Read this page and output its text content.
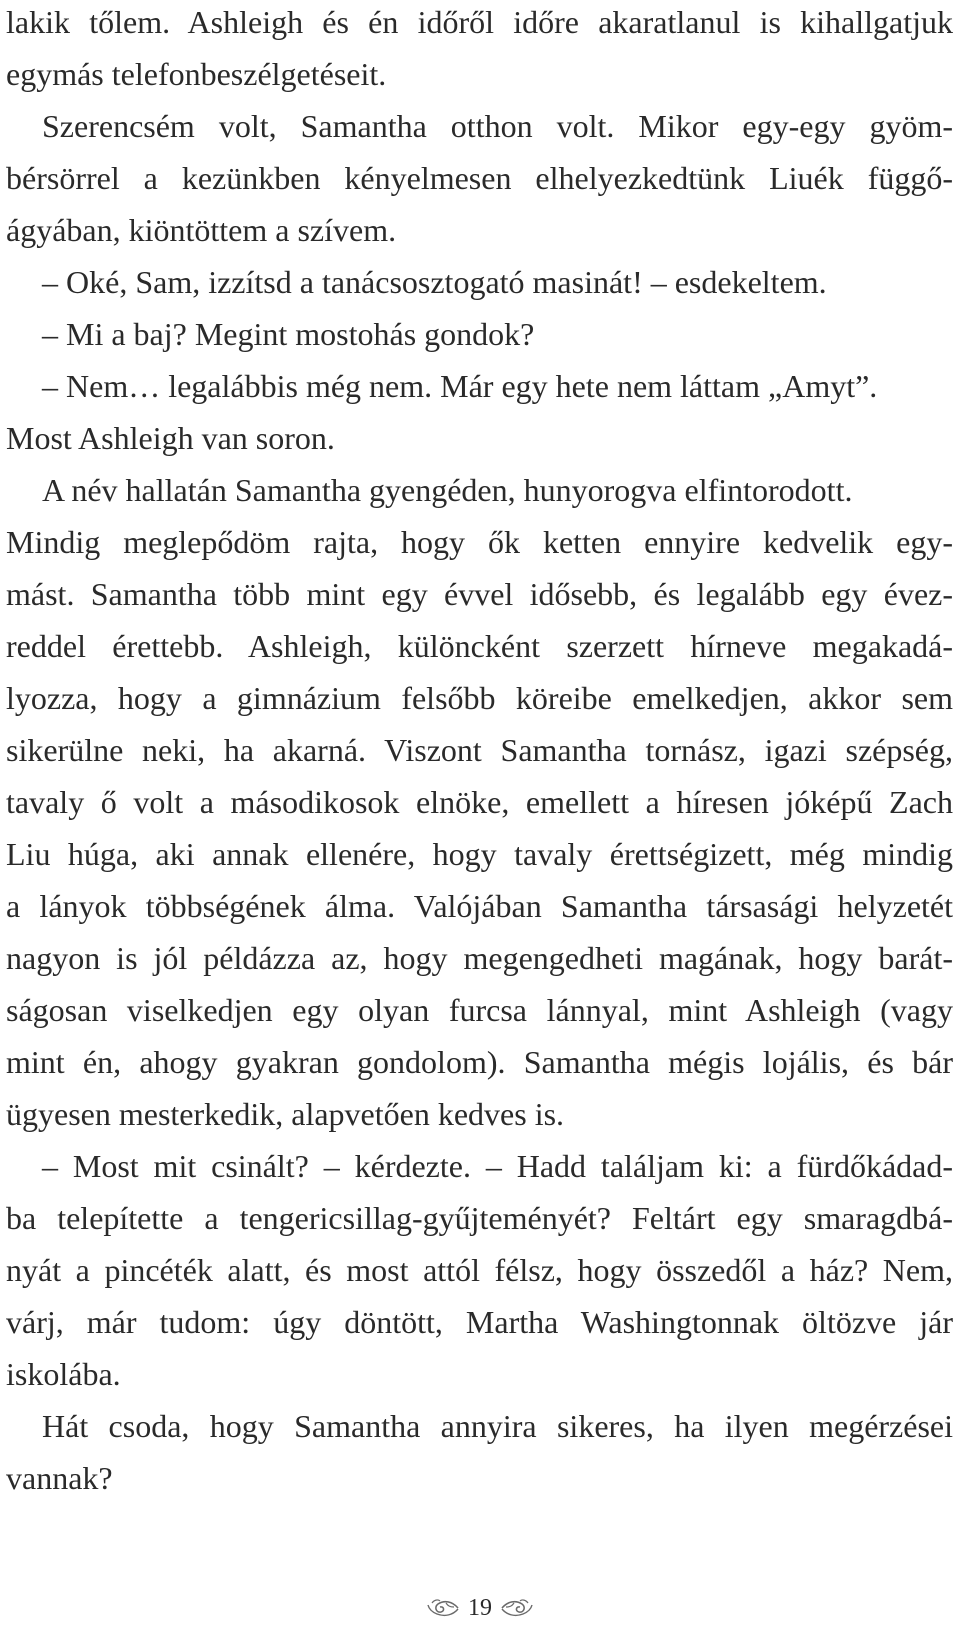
lakik tőlem. Ashleigh és én időről időre akaratlanul is kihallgatjuk
egymás telefonbeszélgetéseit.
Szerencsém volt, Samantha otthon volt. Mikor egy-egy gyöm-
bérsörrel a kezünkben kényelmesen elhelyezkedtünk Liuék függő-
ágyában, kiöntöttem a szívem.
– Oké, Sam, izzítsd a tanácsosztogató masinát! – esdekeltem.
– Mi a baj? Megint mostohás gondok?
– Nem… legalábbis még nem. Már egy hete nem láttam „Amyt”.
Most Ashleigh van soron.
A név hallatán Samantha gyengéden, hunyorogva elfintorodott.
Mindig meglepődöm rajta, hogy ők ketten ennyire kedvelik egy-
mást. Samantha több mint egy évvel idősebb, és legalább egy évez-
reddel érettebb. Ashleigh, különcként szerzett hírneve megakadá-
lyozza, hogy a gimnázium felsőbb köreibe emelkedjen, akkor sem
sikerülne neki, ha akarná. Viszont Samantha tornász, igazi szépség,
tavaly ő volt a másodikosok elnöke, emellett a híresen jóképű Zach
Liu húga, aki annak ellenére, hogy tavaly érettségizett, még mindig
a lányok többségének álma. Valójában Samantha társasági helyzetét
nagyon is jól példázza az, hogy megengedheti magának, hogy barát-
ságosan viselkedjen egy olyan furcsa lánnyal, mint Ashleigh (vagy
mint én, ahogy gyakran gondolom). Samantha mégis lojális, és bár
ügyesen mesterkedik, alapvetően kedves is.
– Most mit csinált? – kérdezte. – Hadd találjam ki: a fürdőkádad-
ba telepítette a tengericsillag-gyűjteményét? Feltárt egy smaragdbá-
nyát a pincéték alatt, és most attól félsz, hogy összedől a ház? Nem,
várj, már tudom: úgy döntött, Martha Washingtonnak öltözve jár
iskolába.
Hát csoda, hogy Samantha annyira sikeres, ha ilyen megérzései
vannak?
19
